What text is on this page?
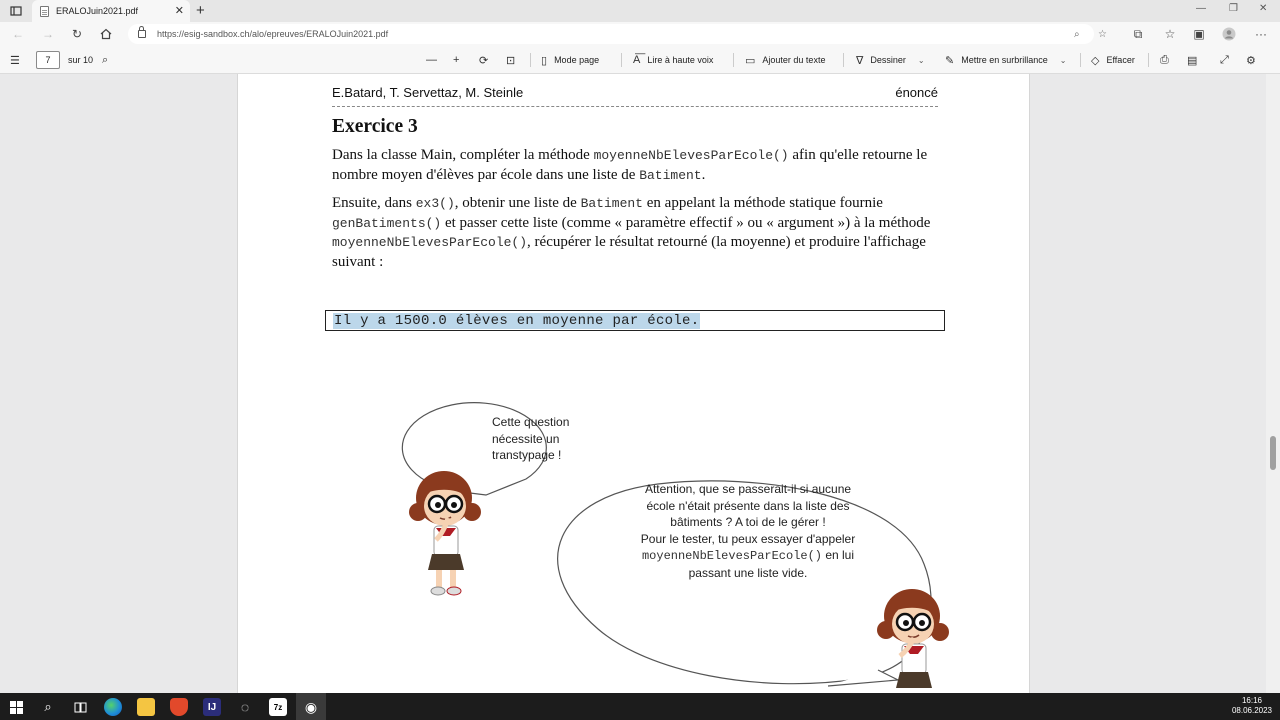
ERALOJuin2021.pdf	✕ +	— ❐ ✕
← → ↻	https://esig-sandbox.ch/alo/epreuves/ERALOJuin2021.pdf	⌕ ☆	⧉	☆ ▣	···
☰	7	sur 10 ⌕	— + ⟳ ⊡ ▯ Mode page	A͞ Lire à haute voix	▭ Ajouter du texte	∇ Dessiner ⌄ ✎ Mettre en surbrillance ⌄ ◇ Effacer ⎙ ▤ ⤢ ⚙
E.Batard, T. Servettaz, M. Steinle	énoncé
Exercice 3
Dans la classe Main, compléter la méthode moyenneNbElevesParEcole() afin qu'elle retourne le nombre moyen d'élèves par école dans une liste de Batiment.
Ensuite, dans ex3(), obtenir une liste de Batiment en appelant la méthode statique fournie genBatiments() et passer cette liste (comme « paramètre effectif » ou « argument ») à la méthode moyenneNbElevesParEcole(), récupérer le résultat retourné (la moyenne) et produire l'affichage suivant :
Il y a 1500.0 élèves en moyenne par école.
Cette question nécessite un transtypage !
Attention, que se passerait-il si aucune école n'était présente dans la liste des bâtiments ? A toi de le gérer !
Pour le tester, tu peux essayer d'appeler moyenneNbElevesParEcole() en lui passant une liste vide.
⌕	IJ	◌	7z	◉	16:16
08.06.2023
